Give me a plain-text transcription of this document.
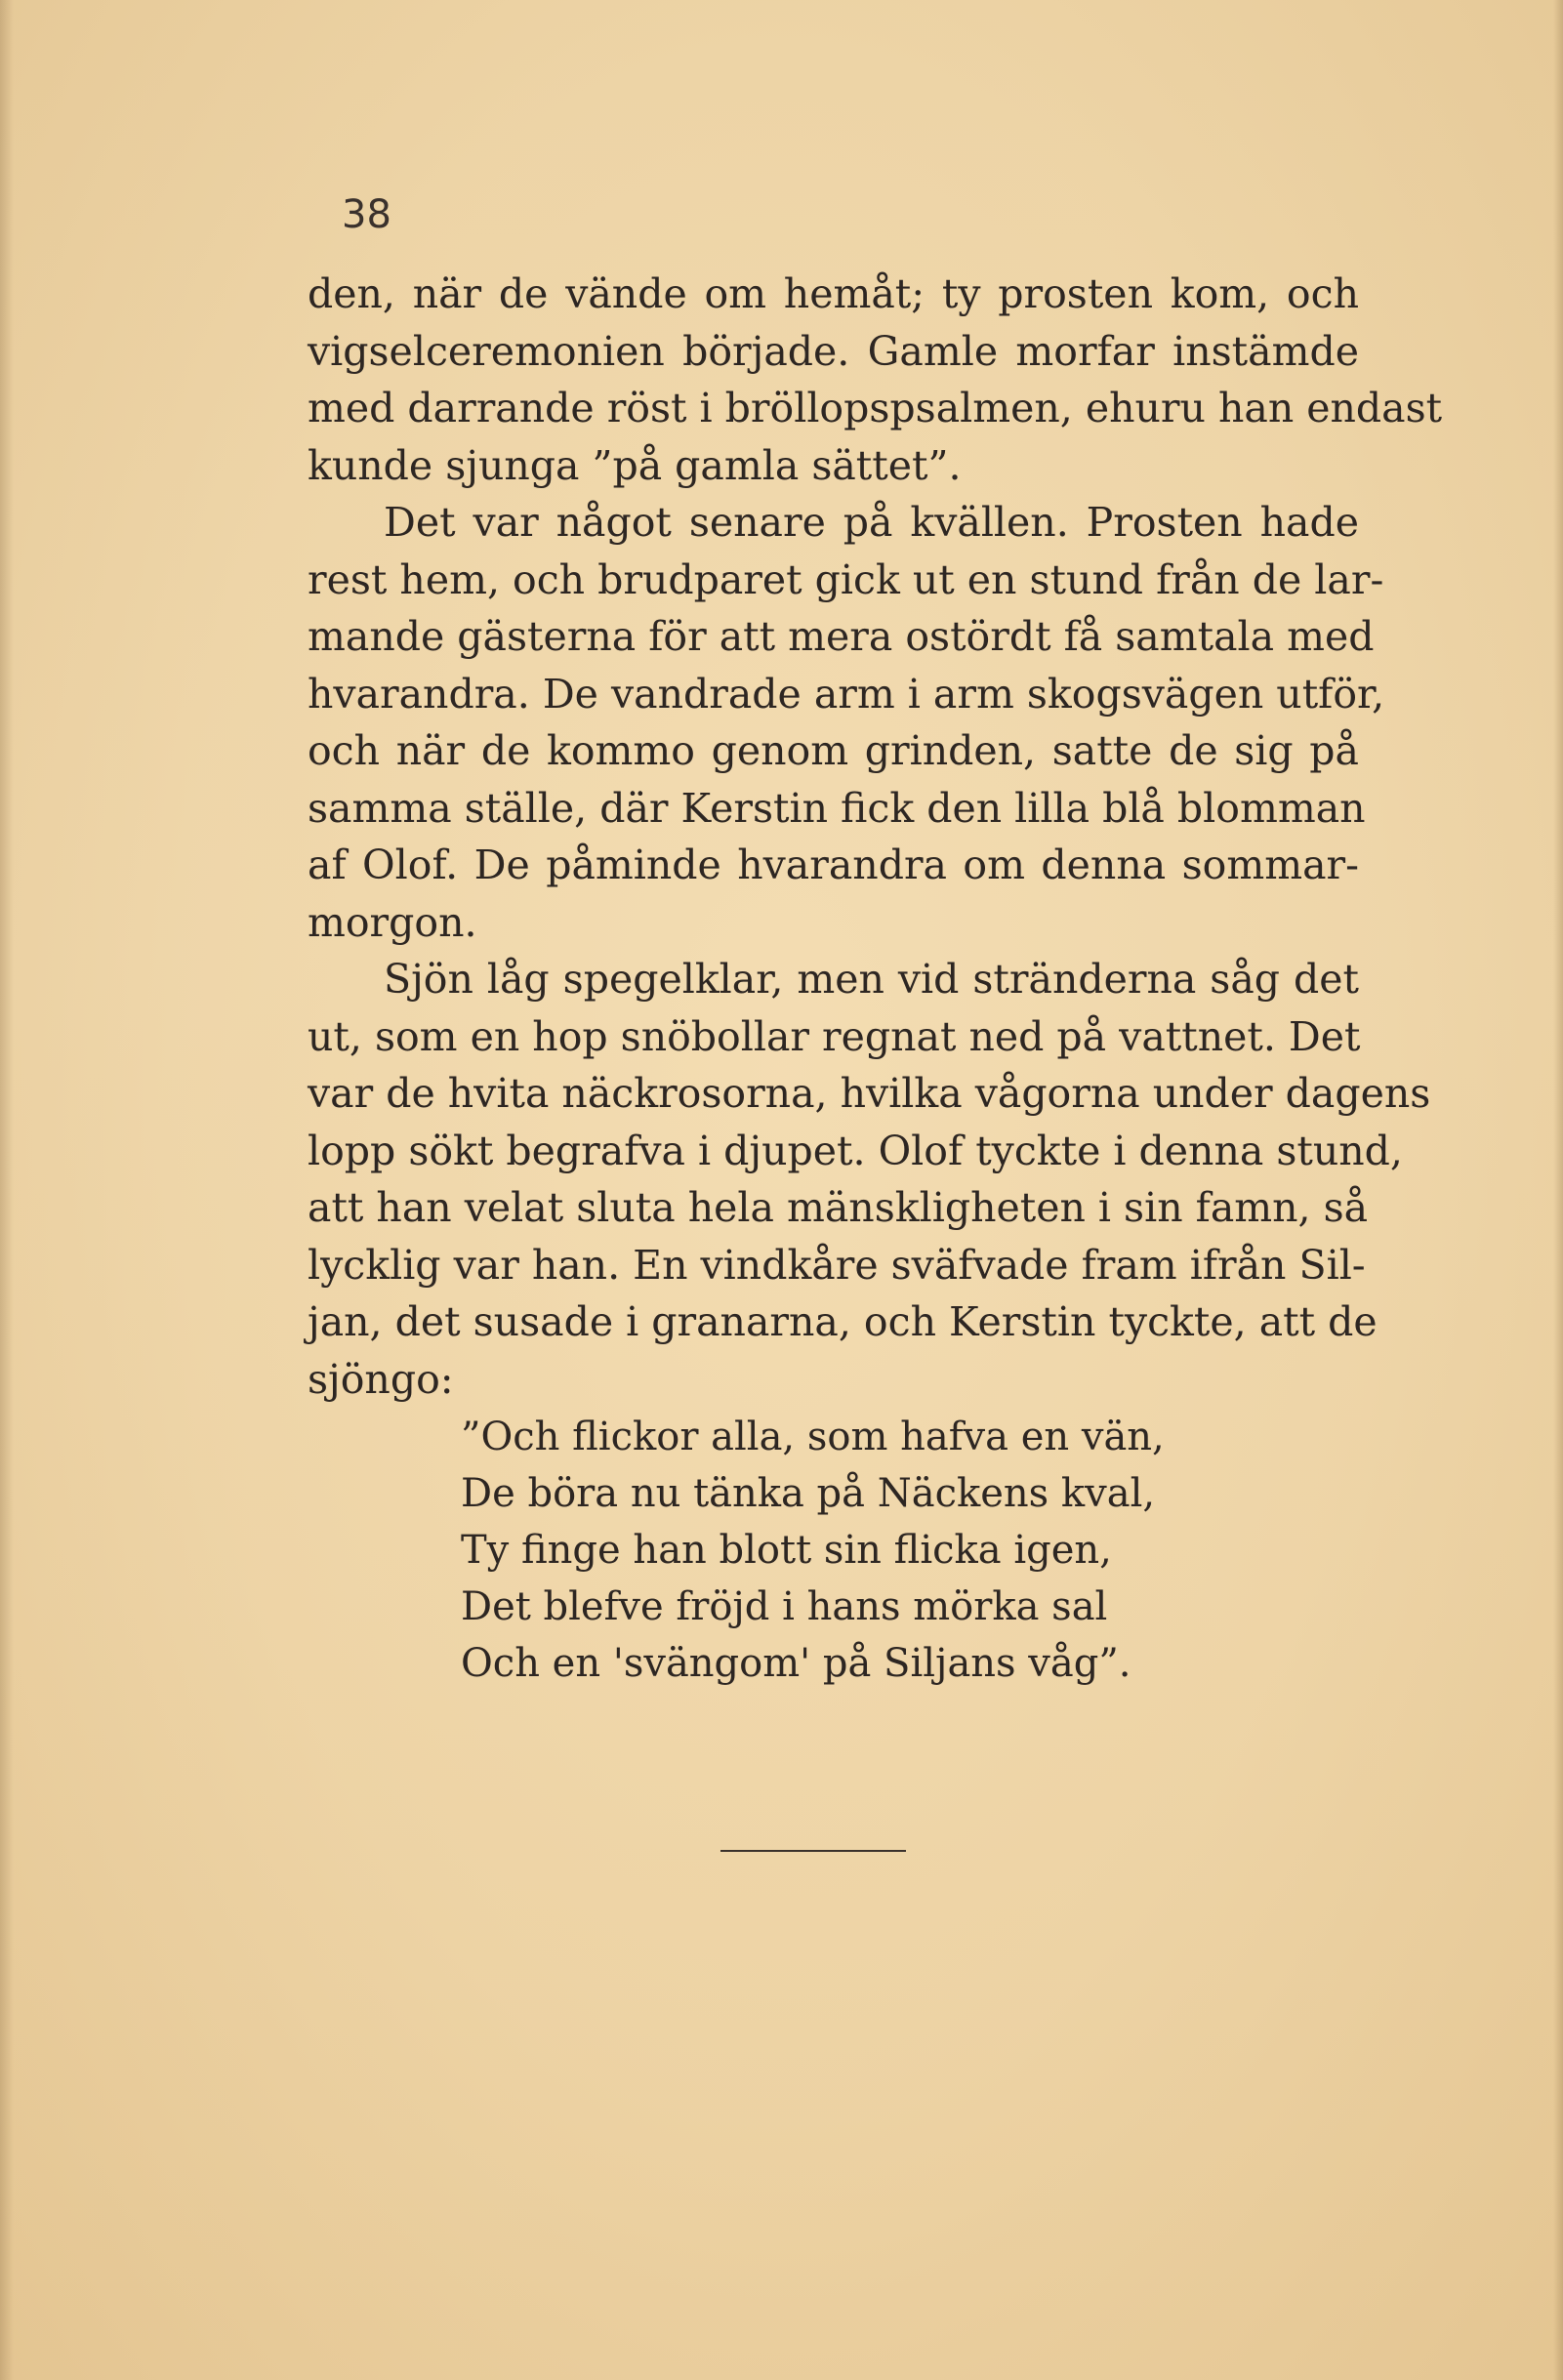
38
den, när de vände om hemåt; ty prosten kom, och
vigselceremonien började. Gamle morfar instämde
med darrande röst i bröllopspsalmen, ehuru han endast
kunde sjunga ”på gamla sättet”.
Det var något senare på kvällen. Prosten hade
rest hem, och brudparet gick ut en stund från de lar-
mande gästerna för att mera ostördt få samtala med
hvarandra. De vandrade arm i arm skogsvägen utför,
och när de kommo genom grinden, satte de sig på
samma ställe, där Kerstin fick den lilla blå blomman
af Olof. De påminde hvarandra om denna sommar-
morgon.
Sjön låg spegelklar, men vid stränderna såg det
ut, som en hop snöbollar regnat ned på vattnet. Det
var de hvita näckrosorna, hvilka vågorna under dagens
lopp sökt begrafva i djupet. Olof tyckte i denna stund,
att han velat sluta hela mänskligheten i sin famn, så
lycklig var han. En vindkåre sväfvade fram ifrån Sil-
jan, det susade i granarna, och Kerstin tyckte, att de
sjöngo:
”Och flickor alla, som hafva en vän,
De böra nu tänka på Näckens kval,
Ty finge han blott sin flicka igen,
Det blefve fröjd i hans mörka sal
Och en 'svängom' på Siljans våg”.
